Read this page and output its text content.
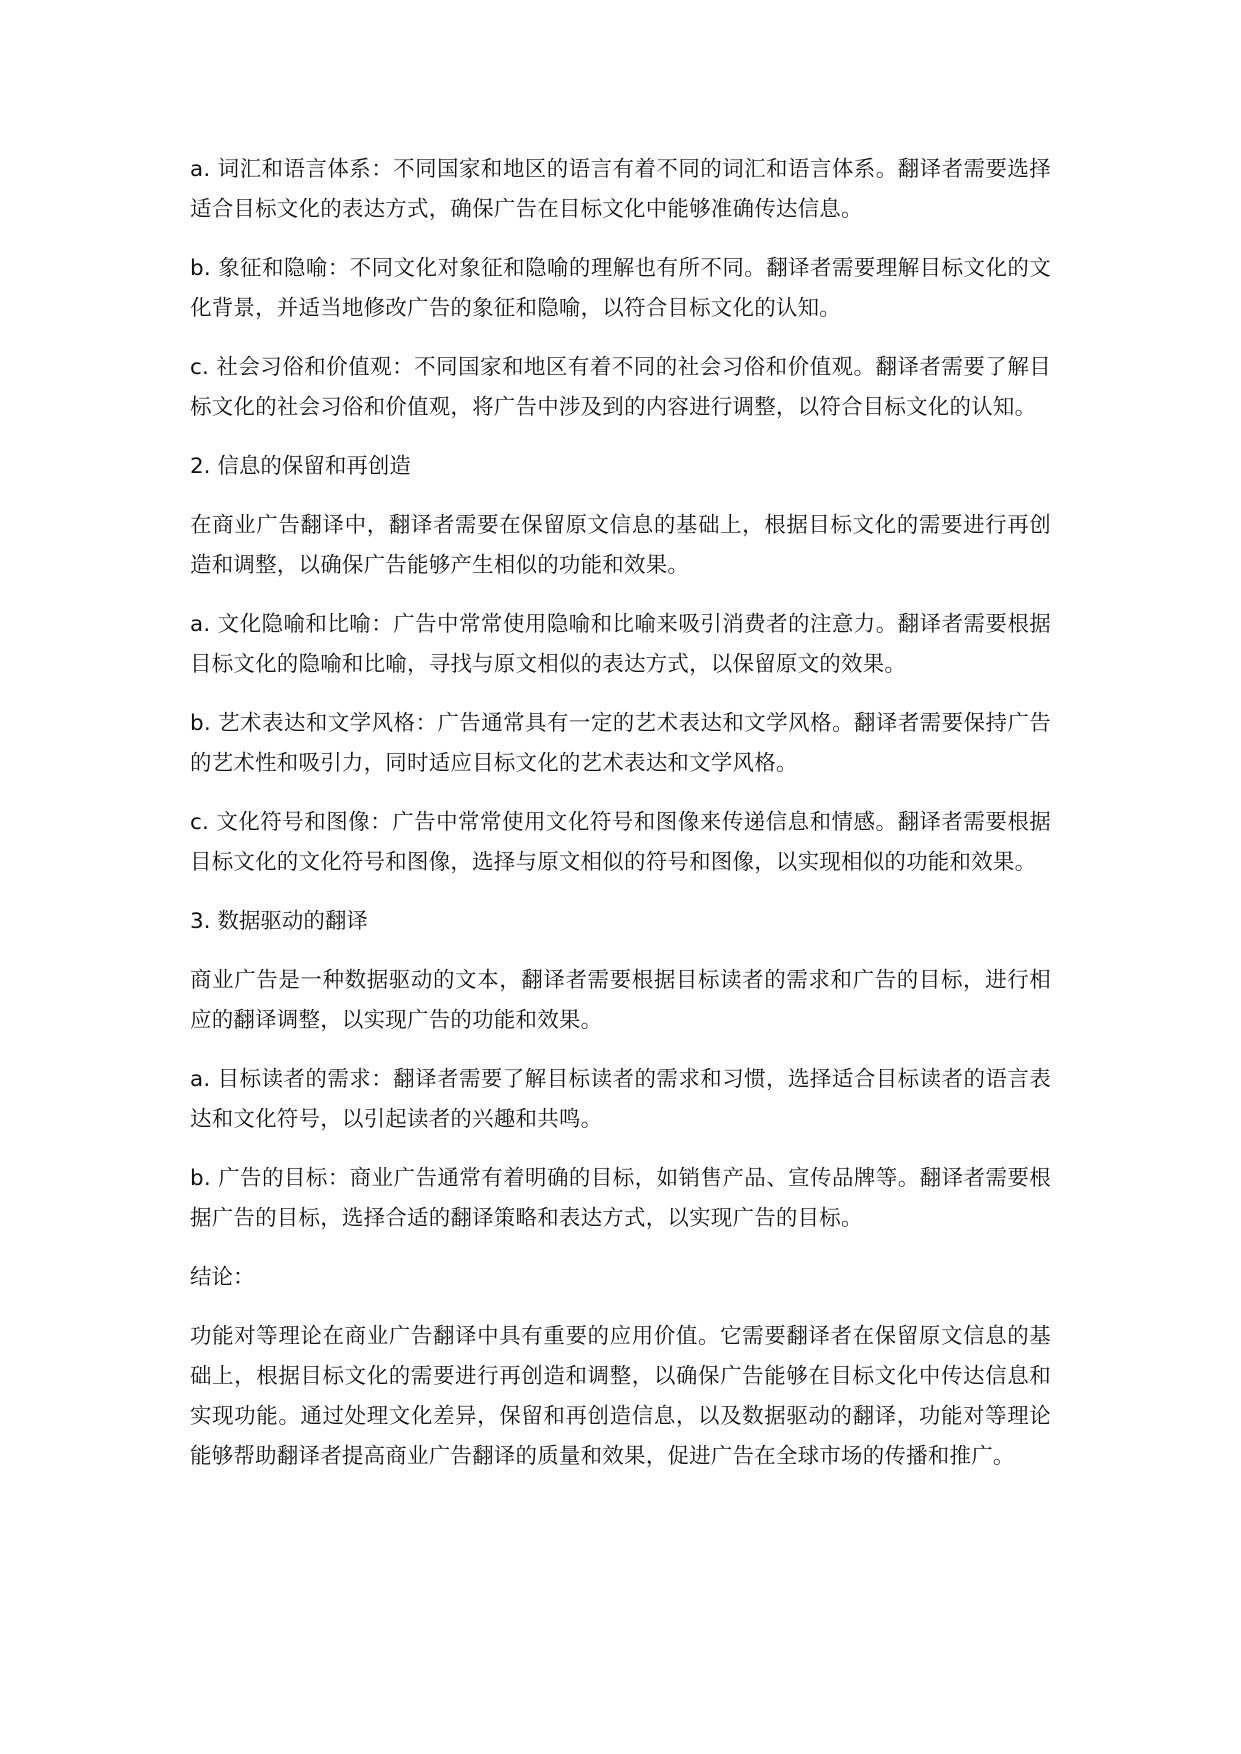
a. 词汇和语言体系：不同国家和地区的语言有着不同的词汇和语言体系。翻译者需要选择适合目标文化的表达方式，确保广告在目标文化中能够准确传达信息。

b. 象征和隐喻：不同文化对象征和隐喻的理解也有所不同。翻译者需要理解目标文化的文化背景，并适当地修改广告的象征和隐喻，以符合目标文化的认知。

c. 社会习俗和价值观：不同国家和地区有着不同的社会习俗和价值观。翻译者需要了解目标文化的社会习俗和价值观，将广告中涉及到的内容进行调整，以符合目标文化的认知。

2. 信息的保留和再创造

在商业广告翻译中，翻译者需要在保留原文信息的基础上，根据目标文化的需要进行再创造和调整，以确保广告能够产生相似的功能和效果。

a. 文化隐喻和比喻：广告中常常使用隐喻和比喻来吸引消费者的注意力。翻译者需要根据目标文化的隐喻和比喻，寻找与原文相似的表达方式，以保留原文的效果。

b. 艺术表达和文学风格：广告通常具有一定的艺术表达和文学风格。翻译者需要保持广告的艺术性和吸引力，同时适应目标文化的艺术表达和文学风格。

c. 文化符号和图像：广告中常常使用文化符号和图像来传递信息和情感。翻译者需要根据目标文化的文化符号和图像，选择与原文相似的符号和图像，以实现相似的功能和效果。

3. 数据驱动的翻译

商业广告是一种数据驱动的文本，翻译者需要根据目标读者的需求和广告的目标，进行相应的翻译调整，以实现广告的功能和效果。

a. 目标读者的需求：翻译者需要了解目标读者的需求和习惯，选择适合目标读者的语言表达和文化符号，以引起读者的兴趣和共鸣。

b. 广告的目标：商业广告通常有着明确的目标，如销售产品、宣传品牌等。翻译者需要根据广告的目标，选择合适的翻译策略和表达方式，以实现广告的目标。

结论：

功能对等理论在商业广告翻译中具有重要的应用价值。它需要翻译者在保留原文信息的基础上，根据目标文化的需要进行再创造和调整，以确保广告能够在目标文化中传达信息和实现功能。通过处理文化差异，保留和再创造信息，以及数据驱动的翻译，功能对等理论能够帮助翻译者提高商业广告翻译的质量和效果，促进广告在全球市场的传播和推广。
